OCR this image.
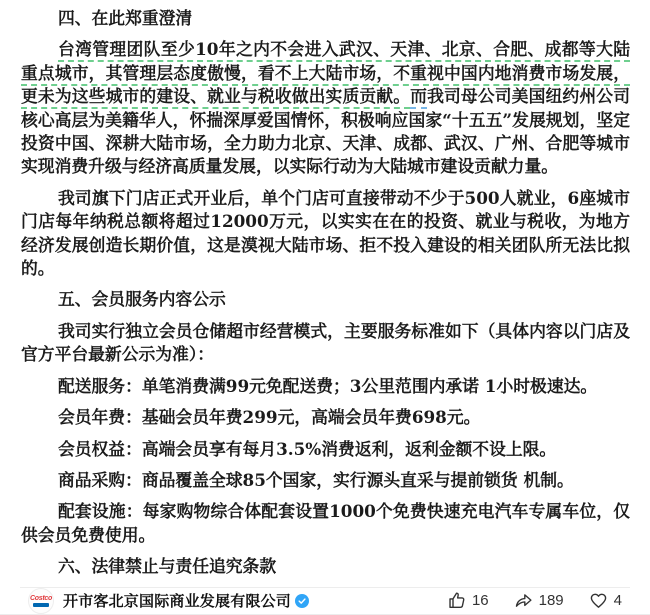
四、在此郑重澄清

台湾管理团队至少10年之内不会进入武汉、天津、北京、合肥、成都等大陆重点城市，其管理层态度傲慢，看不上大陆市场，不重视中国内地消费市场发展，更未为这些城市的建设、就业与税收做出实质贡献。而我司母公司美国纽约州公司核心高层为美籍华人，怀揣深厚爱国情怀，积极响应国家“十五五”发展规划，坚定投资中国、深耕大陆市场，全力助力北京、天津、成都、武汉、广州、合肥等城市实现消费升级与经济高质量发展，以实际行动为大陆城市建设贡献力量。

我司旗下门店正式开业后，单个门店可直接带动不少于500人就业，6座城市门店每年纳税总额将超过12000万元，以实实在在的投资、就业与税收，为地方经济发展创造长期价值，这是漠视大陆市场、拒不投入建设的相关团队所无法比拟的。

五、会员服务内容公示

我司实行独立会员仓储超市经营模式，主要服务标准如下（具体内容以门店及官方平台最新公示为准）：

配送服务：单笔消费满99元免配送费；3公里范围内承诺 1小时极速达。

会员年费：基础会员年费299元，高端会员年费698元。

会员权益：高端会员享有每月3.5%消费返利，返利金额不设上限。

商品采购：商品覆盖全球85个国家，实行源头直采与提前锁货 机制。

配套设施：每家购物综合体配套设置1000个免费快速充电汽车专属车位，仅供会员免费使用。

六、法律禁止与责任追究条款
Costco 开市客北京国际商业发展有限公司	16	189	4
